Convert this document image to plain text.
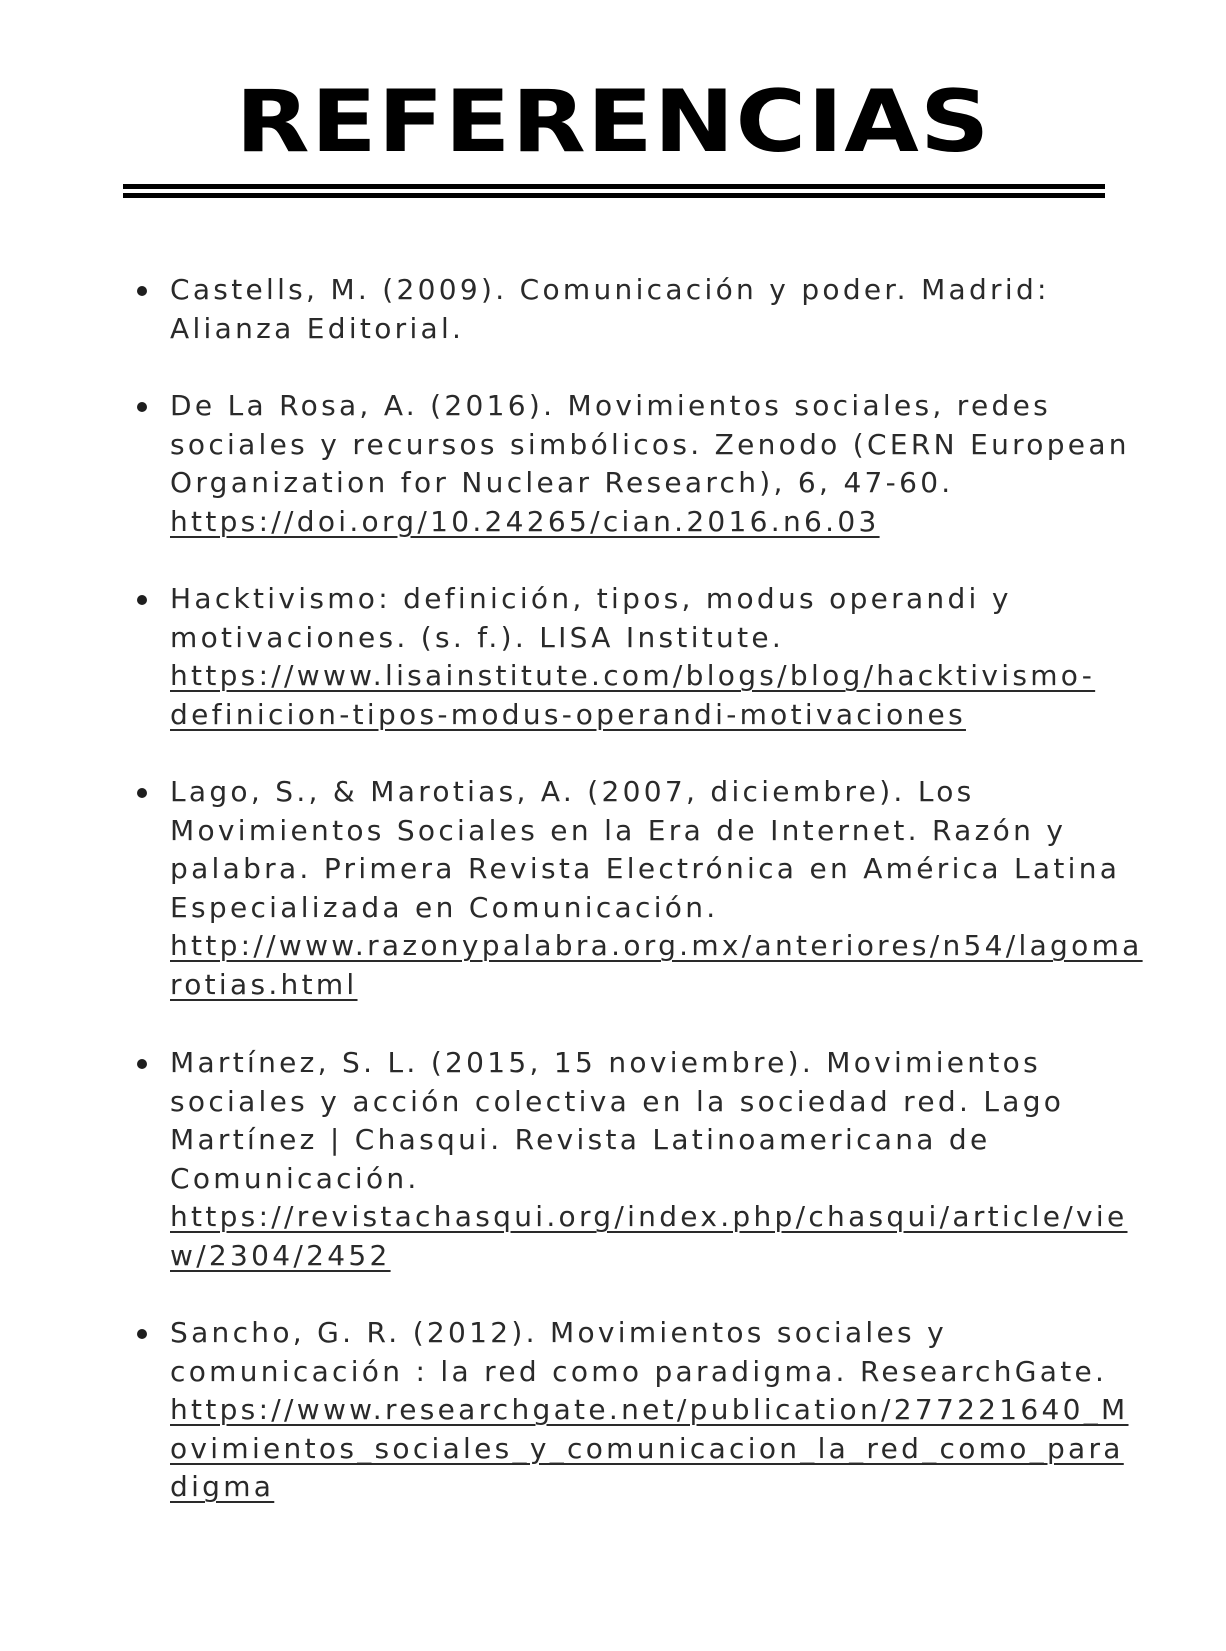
REFERENCIAS
Castells, M. (2009). Comunicación y poder. Madrid:
Alianza Editorial.
De La Rosa, A. (2016). Movimientos sociales, redes
sociales y recursos simbólicos. Zenodo (CERN European
Organization for Nuclear Research), 6, 47-60.
https://doi.org/10.24265/cian.2016.n6.03
Hacktivismo: definición, tipos, modus operandi y
motivaciones. (s. f.). LISA Institute.
https://www.lisainstitute.com/blogs/blog/hacktivismo-
definicion-tipos-modus-operandi-motivaciones
Lago, S., & Marotias, A. (2007, diciembre). Los
Movimientos Sociales en la Era de Internet. Razón y
palabra. Primera Revista Electrónica en América Latina
Especializada en Comunicación.
http://www.razonypalabra.org.mx/anteriores/n54/lagoma
rotias.html
Martínez, S. L. (2015, 15 noviembre). Movimientos
sociales y acción colectiva en la sociedad red. Lago
Martínez | Chasqui. Revista Latinoamericana de
Comunicación.
https://revistachasqui.org/index.php/chasqui/article/vie
w/2304/2452
Sancho, G. R. (2012). Movimientos sociales y
comunicación : la red como paradigma. ResearchGate.
https://www.researchgate.net/publication/277221640_M
ovimientos_sociales_y_comunicacion_la_red_como_para
digma
